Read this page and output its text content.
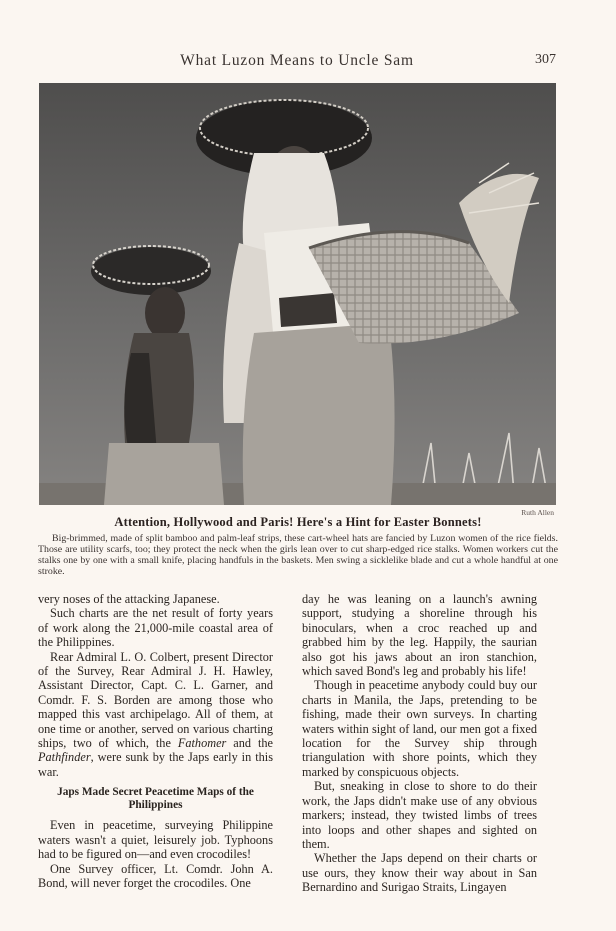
What Luzon Means to Uncle Sam	307
Ruth Allen
Attention, Hollywood and Paris! Here's a Hint for Easter Bonnets!
Big-brimmed, made of split bamboo and palm-leaf strips, these cart-wheel hats are fancied by Luzon women of the rice fields. Those are utility scarfs, too; they protect the neck when the girls lean over to cut sharp-edged rice stalks. Women workers cut the stalks one by one with a small knife, placing handfuls in the baskets. Men swing a sicklelike blade and cut a whole handful at one stroke.

very noses of the attacking Japanese.

Such charts are the net result of forty years of work along the 21,000-mile coastal area of the Philippines.

Rear Admiral L. O. Colbert, present Director of the Survey, Rear Admiral J. H. Hawley, Assistant Director, Capt. C. L. Garner, and Comdr. F. S. Borden are among those who mapped this vast archipelago. All of them, at one time or another, served on various charting ships, two of which, the Fathomer and the Pathfinder, were sunk by the Japs early in this war.

Japs Made Secret Peacetime Maps of the Philippines

Even in peacetime, surveying Philippine waters wasn't a quiet, leisurely job. Typhoons had to be figured on—and even crocodiles!

One Survey officer, Lt. Comdr. John A. Bond, will never forget the crocodiles. One

day he was leaning on a launch's awning support, studying a shoreline through his binoculars, when a croc reached up and grabbed him by the leg. Happily, the saurian also got his jaws about an iron stanchion, which saved Bond's leg and probably his life!

Though in peacetime anybody could buy our charts in Manila, the Japs, pretending to be fishing, made their own surveys. In charting waters within sight of land, our men got a fixed location for the Survey ship through triangulation with shore points, which they marked by conspicuous objects.

But, sneaking in close to shore to do their work, the Japs didn't make use of any obvious markers; instead, they twisted limbs of trees into loops and other shapes and sighted on them.

Whether the Japs depend on their charts or use ours, they know their way about in San Bernardino and Surigao Straits, Lingayen
